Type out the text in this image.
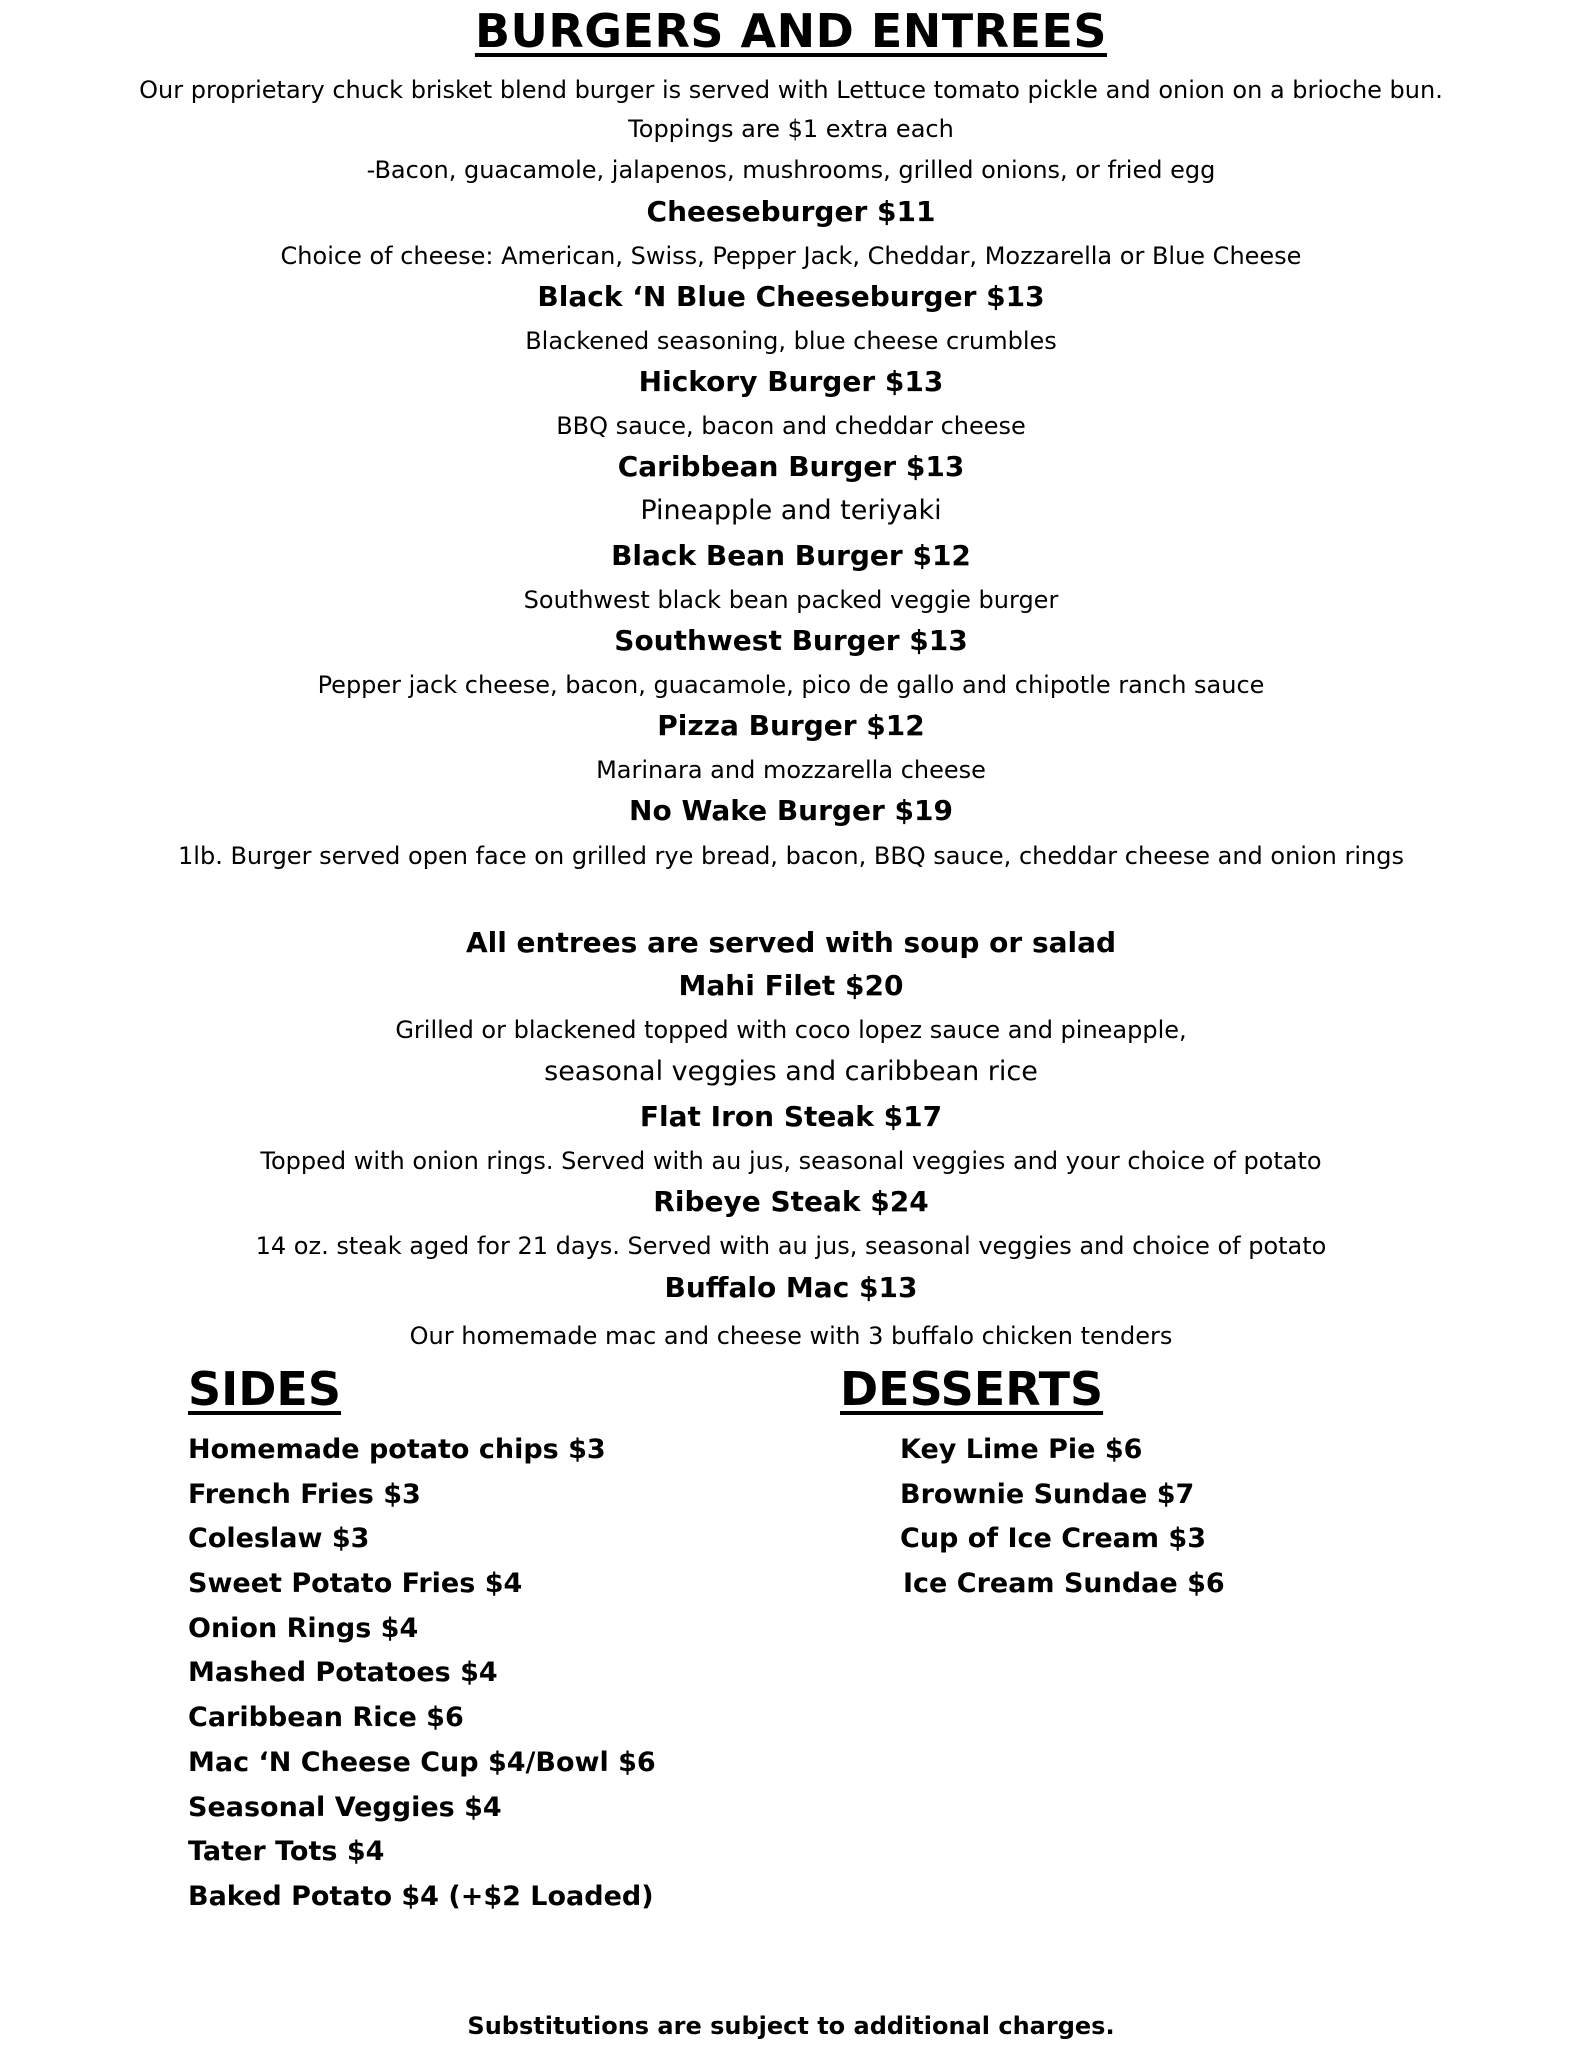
BURGERS AND ENTREES
Our proprietary chuck brisket blend burger is served with Lettuce tomato pickle and onion on a brioche bun.
Toppings are $1 extra each
-Bacon, guacamole, jalapenos, mushrooms, grilled onions, or fried egg
Cheeseburger $11
Choice of cheese: American, Swiss, Pepper Jack, Cheddar, Mozzarella or Blue Cheese
Black ‘N Blue Cheeseburger $13
Blackened seasoning, blue cheese crumbles
Hickory Burger $13
BBQ sauce, bacon and cheddar cheese
Caribbean Burger $13
Pineapple and teriyaki
Black Bean Burger $12
Southwest black bean packed veggie burger
Southwest Burger $13
Pepper jack cheese, bacon, guacamole, pico de gallo and chipotle ranch sauce
Pizza Burger $12
Marinara and mozzarella cheese
No Wake Burger $19
1lb. Burger served open face on grilled rye bread, bacon, BBQ sauce, cheddar cheese and onion rings
All entrees are served with soup or salad
Mahi Filet $20
Grilled or blackened topped with coco lopez sauce and pineapple,
seasonal veggies and caribbean rice
Flat Iron Steak $17
Topped with onion rings. Served with au jus, seasonal veggies and your choice of potato
Ribeye Steak $24
14 oz. steak aged for 21 days. Served with au jus, seasonal veggies and choice of potato
Buffalo Mac $13
Our homemade mac and cheese with 3 buffalo chicken tenders
SIDES
Homemade potato chips $3
French Fries $3
Coleslaw $3
Sweet Potato Fries $4
Onion Rings $4
Mashed Potatoes $4
Caribbean Rice $6
Mac ‘N Cheese Cup $4/Bowl $6
Seasonal Veggies $4
Tater Tots $4
Baked Potato $4 (+$2 Loaded)
DESSERTS
Key Lime Pie $6
Brownie Sundae $7
Cup of Ice Cream $3
Ice Cream Sundae $6
Substitutions are subject to additional charges.
